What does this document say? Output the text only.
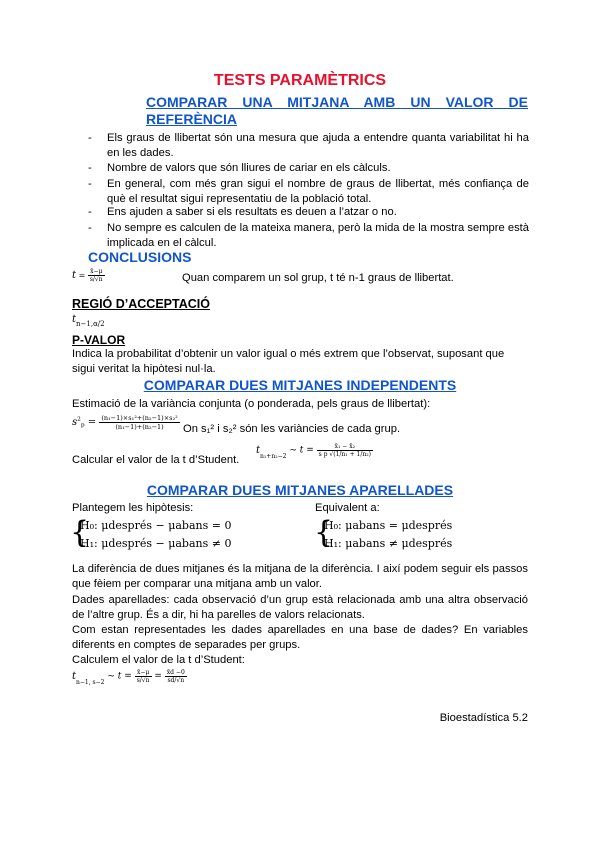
TESTS PARAMÈTRICS
COMPARAR UNA MITJANA AMB UN VALOR DE
REFERÈNCIA
- Els graus de llibertat són una mesura que ajuda a entendre quanta variabilitat hi ha en les dades.
- Nombre de valors que són lliures de cariar en els càlculs.
- En general, com més gran sigui el nombre de graus de llibertat, més confiança de què el resultat sigui representatiu de la població total.
- Ens ajuden a saber si els resultats es deuen a l’atzar o no.
- No sempre es calculen de la mateixa manera, però la mida de la mostra sempre està implicada en el càlcul.
CONCLUSIONS
$t = \frac{x̄-\mu}{s/√n}$	Quan comparem un sol grup, t té n-1 graus de llibertat.
REGIÓ D’ACCEPTACIÓ
$t_{n-1,\alpha/2}$
P-VALOR
Indica la probabilitat d’obtenir un valor igual o més extrem que l’observat, suposant que sigui veritat la hipòtesi nul·la.
COMPARAR DUES MITJANES INDEPENDENTS
Estimació de la variància conjunta (o ponderada, pels graus de llibertat):
$s^2_p = \frac{\text{(n₁−1)×s₁²+(n₂−1)×s₂²}}{\text{(n₁−1)+(n₂−1)}}$ On s₁² i s₂² són les variàncies de cada grup.
Calcular el valor de la t d’Student.
$t_{n_1+n_2-2}$ ~ $t = \frac{\text{x̄₁ − x̄₂}}{\text{s p √(1/n₁ + 1/n₂)}}$
COMPARAR DUES MITJANES APARELLADES
Plantegem les hipòtesis:	Equivalent a:
{
H₀: μdesprés − μabans = 0
H₁: μdesprés − μabans ≠ 0	{
H₀: μabans = μdesprés
H₁: μabans ≠ μdesprés
La diferència de dues mitjanes és la mitjana de la diferència. I així podem seguir els passos que fèiem per comparar una mitjana amb un valor.
Dades aparellades: cada observació d’un grup està relacionada amb una altra observació de l’altre grup. És a dir, hi ha parelles de valors relacionats.
Com estan representades les dades aparellades en una base de dades? En variables diferents en comptes de separades per grups.
Calculem el valor de la t d’Student:
$t_{n-1, s-2}$ ~ $t = \frac{x̄-\mu}{s/√n} = \frac{x̄d -0}{sd/√n}$
Bioestadística 5.2
